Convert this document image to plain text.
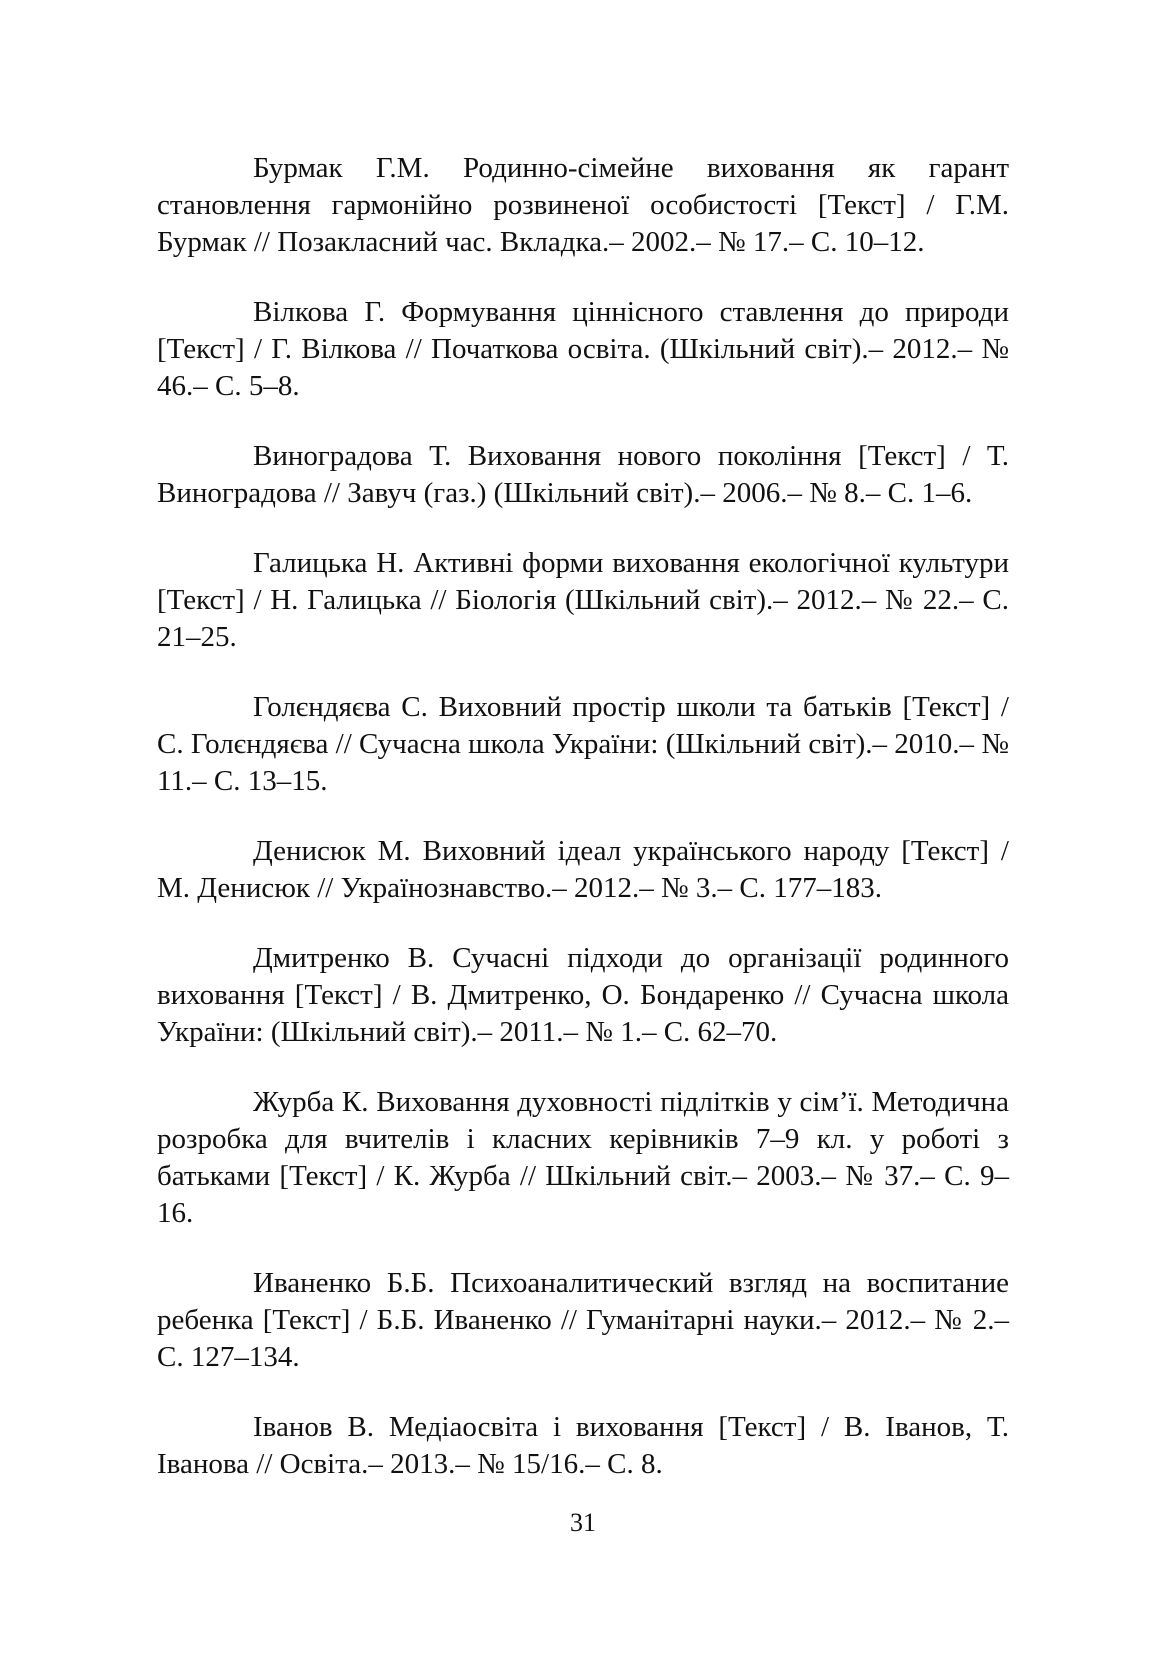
Бурмак Г.М. Родинно-сімейне виховання як гарант становлення гармонійно розвиненої особистості [Текст] / Г.М. Бурмак // Позакласний час. Вкладка.– 2002.– № 17.– С. 10–12.
Вілкова Г. Формування ціннісного ставлення до природи [Текст] / Г. Вілкова // Початкова освіта. (Шкільний світ).– 2012.– № 46.– С. 5–8.
Виноградова Т. Виховання нового покоління [Текст] / Т. Виноградова // Завуч (газ.) (Шкільний світ).– 2006.– № 8.– С. 1–6.
Галицька Н. Активні форми виховання екологічної культури [Текст] / Н. Галицька // Біологія (Шкільний світ).– 2012.– № 22.– С. 21–25.
Голєндяєва С. Виховний простір школи та батьків [Текст] / С. Голєндяєва // Сучасна школа України: (Шкільний світ).– 2010.– № 11.– С. 13–15.
Денисюк М. Виховний ідеал українського народу [Текст] / М. Денисюк // Українознавство.– 2012.– № 3.– С. 177–183.
Дмитренко В. Сучасні підходи до організації родинного виховання [Текст] / В. Дмитренко, О. Бондаренко // Сучасна школа України: (Шкільний світ).– 2011.– № 1.– С. 62–70.
Журба К. Виховання духовності підлітків у сім’ї. Методична розробка для вчителів і класних керівників 7–9 кл. у роботі з батьками [Текст] / К. Журба // Шкільний світ.– 2003.– № 37.– С. 9–16.
Иваненко Б.Б. Психоаналитический взгляд на воспитание ребенка [Текст] / Б.Б. Иваненко // Гуманітарні науки.– 2012.– № 2.– С. 127–134.
Іванов В. Медіаосвіта і виховання [Текст] / В. Іванов, Т. Іванова // Освіта.– 2013.– № 15/16.– С. 8.
31
